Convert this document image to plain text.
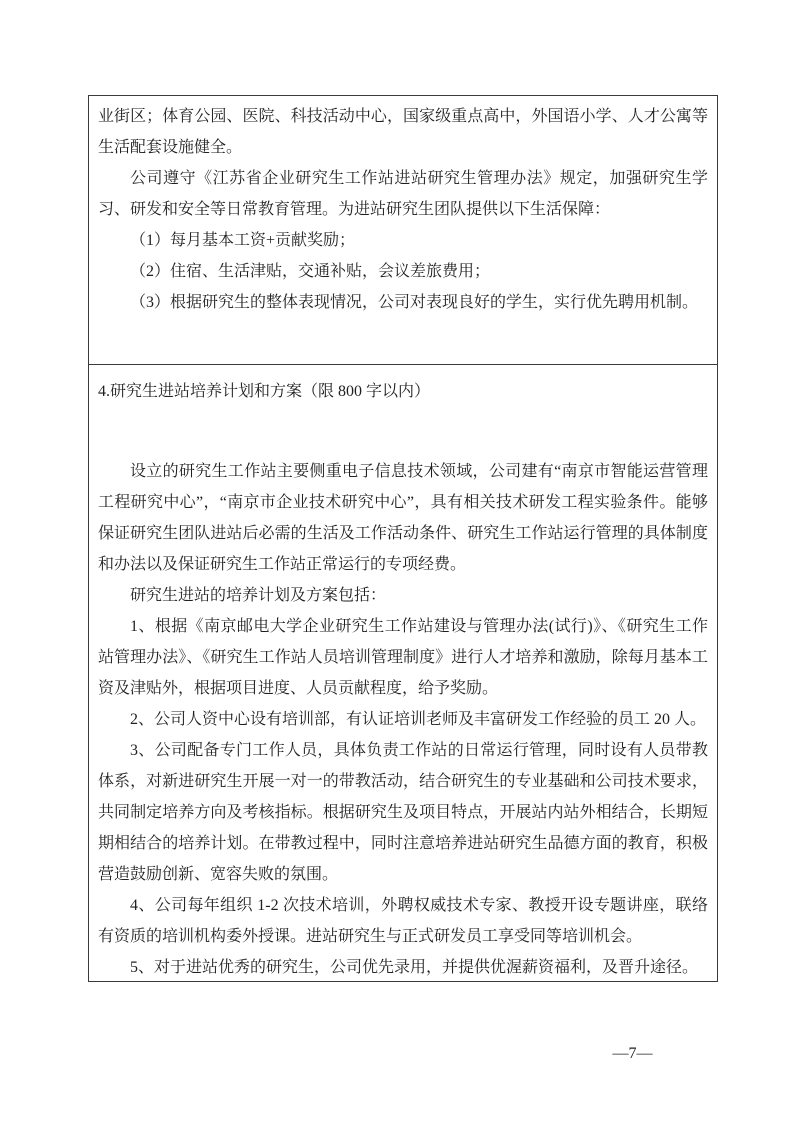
业街区；体育公园、医院、科技活动中心，国家级重点高中，外国语小学、人才公寓等生活配套设施健全。

公司遵守《江苏省企业研究生工作站进站研究生管理办法》规定，加强研究生学习、研发和安全等日常教育管理。为进站研究生团队提供以下生活保障：

（1）每月基本工资+贡献奖励；

（2）住宿、生活津贴，交通补贴，会议差旅费用；

（3）根据研究生的整体表现情况，公司对表现良好的学生，实行优先聘用机制。

4.研究生进站培养计划和方案（限 800 字以内）

设立的研究生工作站主要侧重电子信息技术领域，公司建有“南京市智能运营管理工程研究中心”，“南京市企业技术研究中心”，具有相关技术研发工程实验条件。能够保证研究生团队进站后必需的生活及工作活动条件、研究生工作站运行管理的具体制度和办法以及保证研究生工作站正常运行的专项经费。

研究生进站的培养计划及方案包括：

1、根据《南京邮电大学企业研究生工作站建设与管理办法(试行)》、《研究生工作站管理办法》、《研究生工作站人员培训管理制度》进行人才培养和激励，除每月基本工资及津贴外，根据项目进度、人员贡献程度，给予奖励。

2、公司人资中心设有培训部，有认证培训老师及丰富研发工作经验的员工 20 人。

3、公司配备专门工作人员，具体负责工作站的日常运行管理，同时设有人员带教体系，对新进研究生开展一对一的带教活动，结合研究生的专业基础和公司技术要求，共同制定培养方向及考核指标。根据研究生及项目特点，开展站内站外相结合，长期短期相结合的培养计划。在带教过程中，同时注意培养进站研究生品德方面的教育，积极营造鼓励创新、宽容失败的氛围。

4、公司每年组织 1-2 次技术培训，外聘权威技术专家、教授开设专题讲座，联络有资质的培训机构委外授课。进站研究生与正式研发员工享受同等培训机会。

5、对于进站优秀的研究生，公司优先录用，并提供优渥薪资福利，及晋升途径。

—7—
